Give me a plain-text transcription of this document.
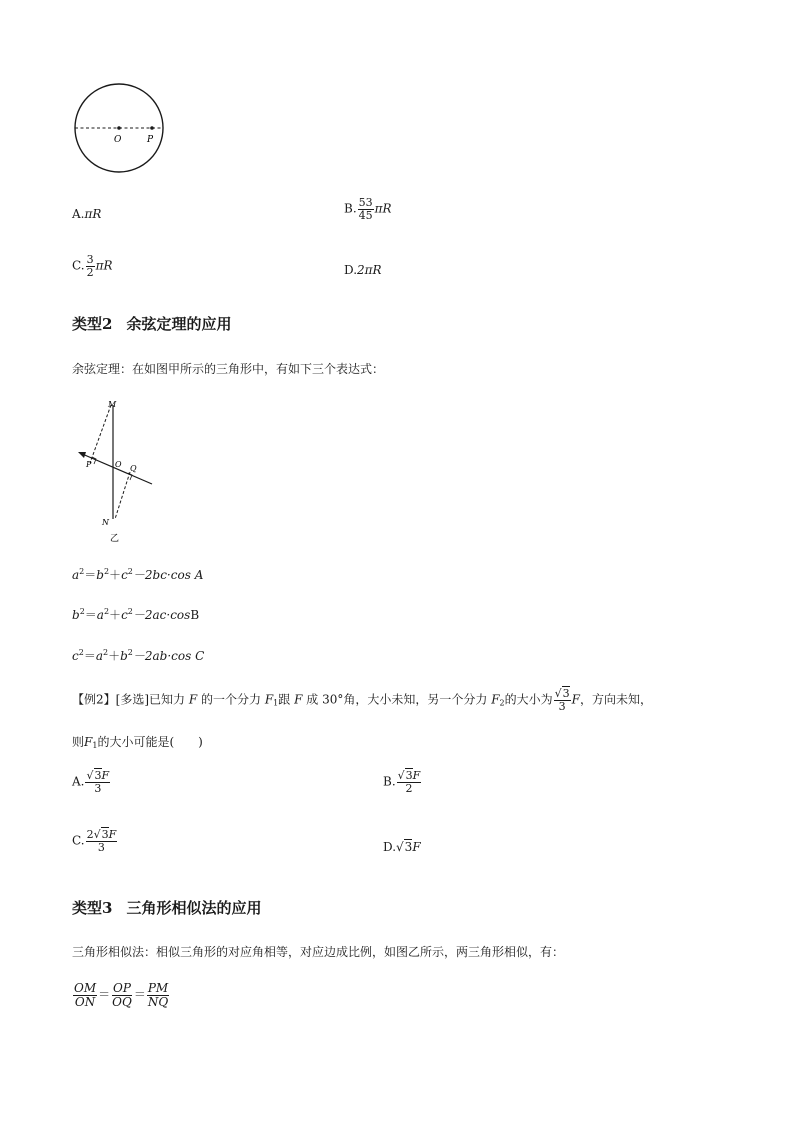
O	P
A.πR	B. $\frac{53}{45}$ πR
C. $\frac{3}{2}$ πR	D.2πR
类型2 余弦定理的应用
余弦定理：在如图甲所示的三角形中，有如下三个表达式：
M
P	O Q
N
乙
$a^2=b^2+c^2-2bc\cdot\cos$ A
$b^2=a^2+c^2-2ac\cdot\cos B$
$c^2=a^2+b^2-2ab\cdot\cos$ C
【例2】[多选]已知力 F 的一个分力 $F_1$跟 F 成 30°角，大小未知，另一个分力 $F_2$的大小为 $\frac{√3}{3}$ F，方向未知，
则$F_1$的大小可能是(　　)
A. $\frac{√3F}{3}$	B. $\frac{√3F}{2}$
C. $\frac{2√3F}{3}$	D.√3F
类型3 三角形相似法的应用
三角形相似法：相似三角形的对应角相等，对应边成比例，如图乙所示，两三角形相似，有：
$\frac{OM}{ON} = \frac{OP}{OQ} = \frac{PM}{NQ}$
